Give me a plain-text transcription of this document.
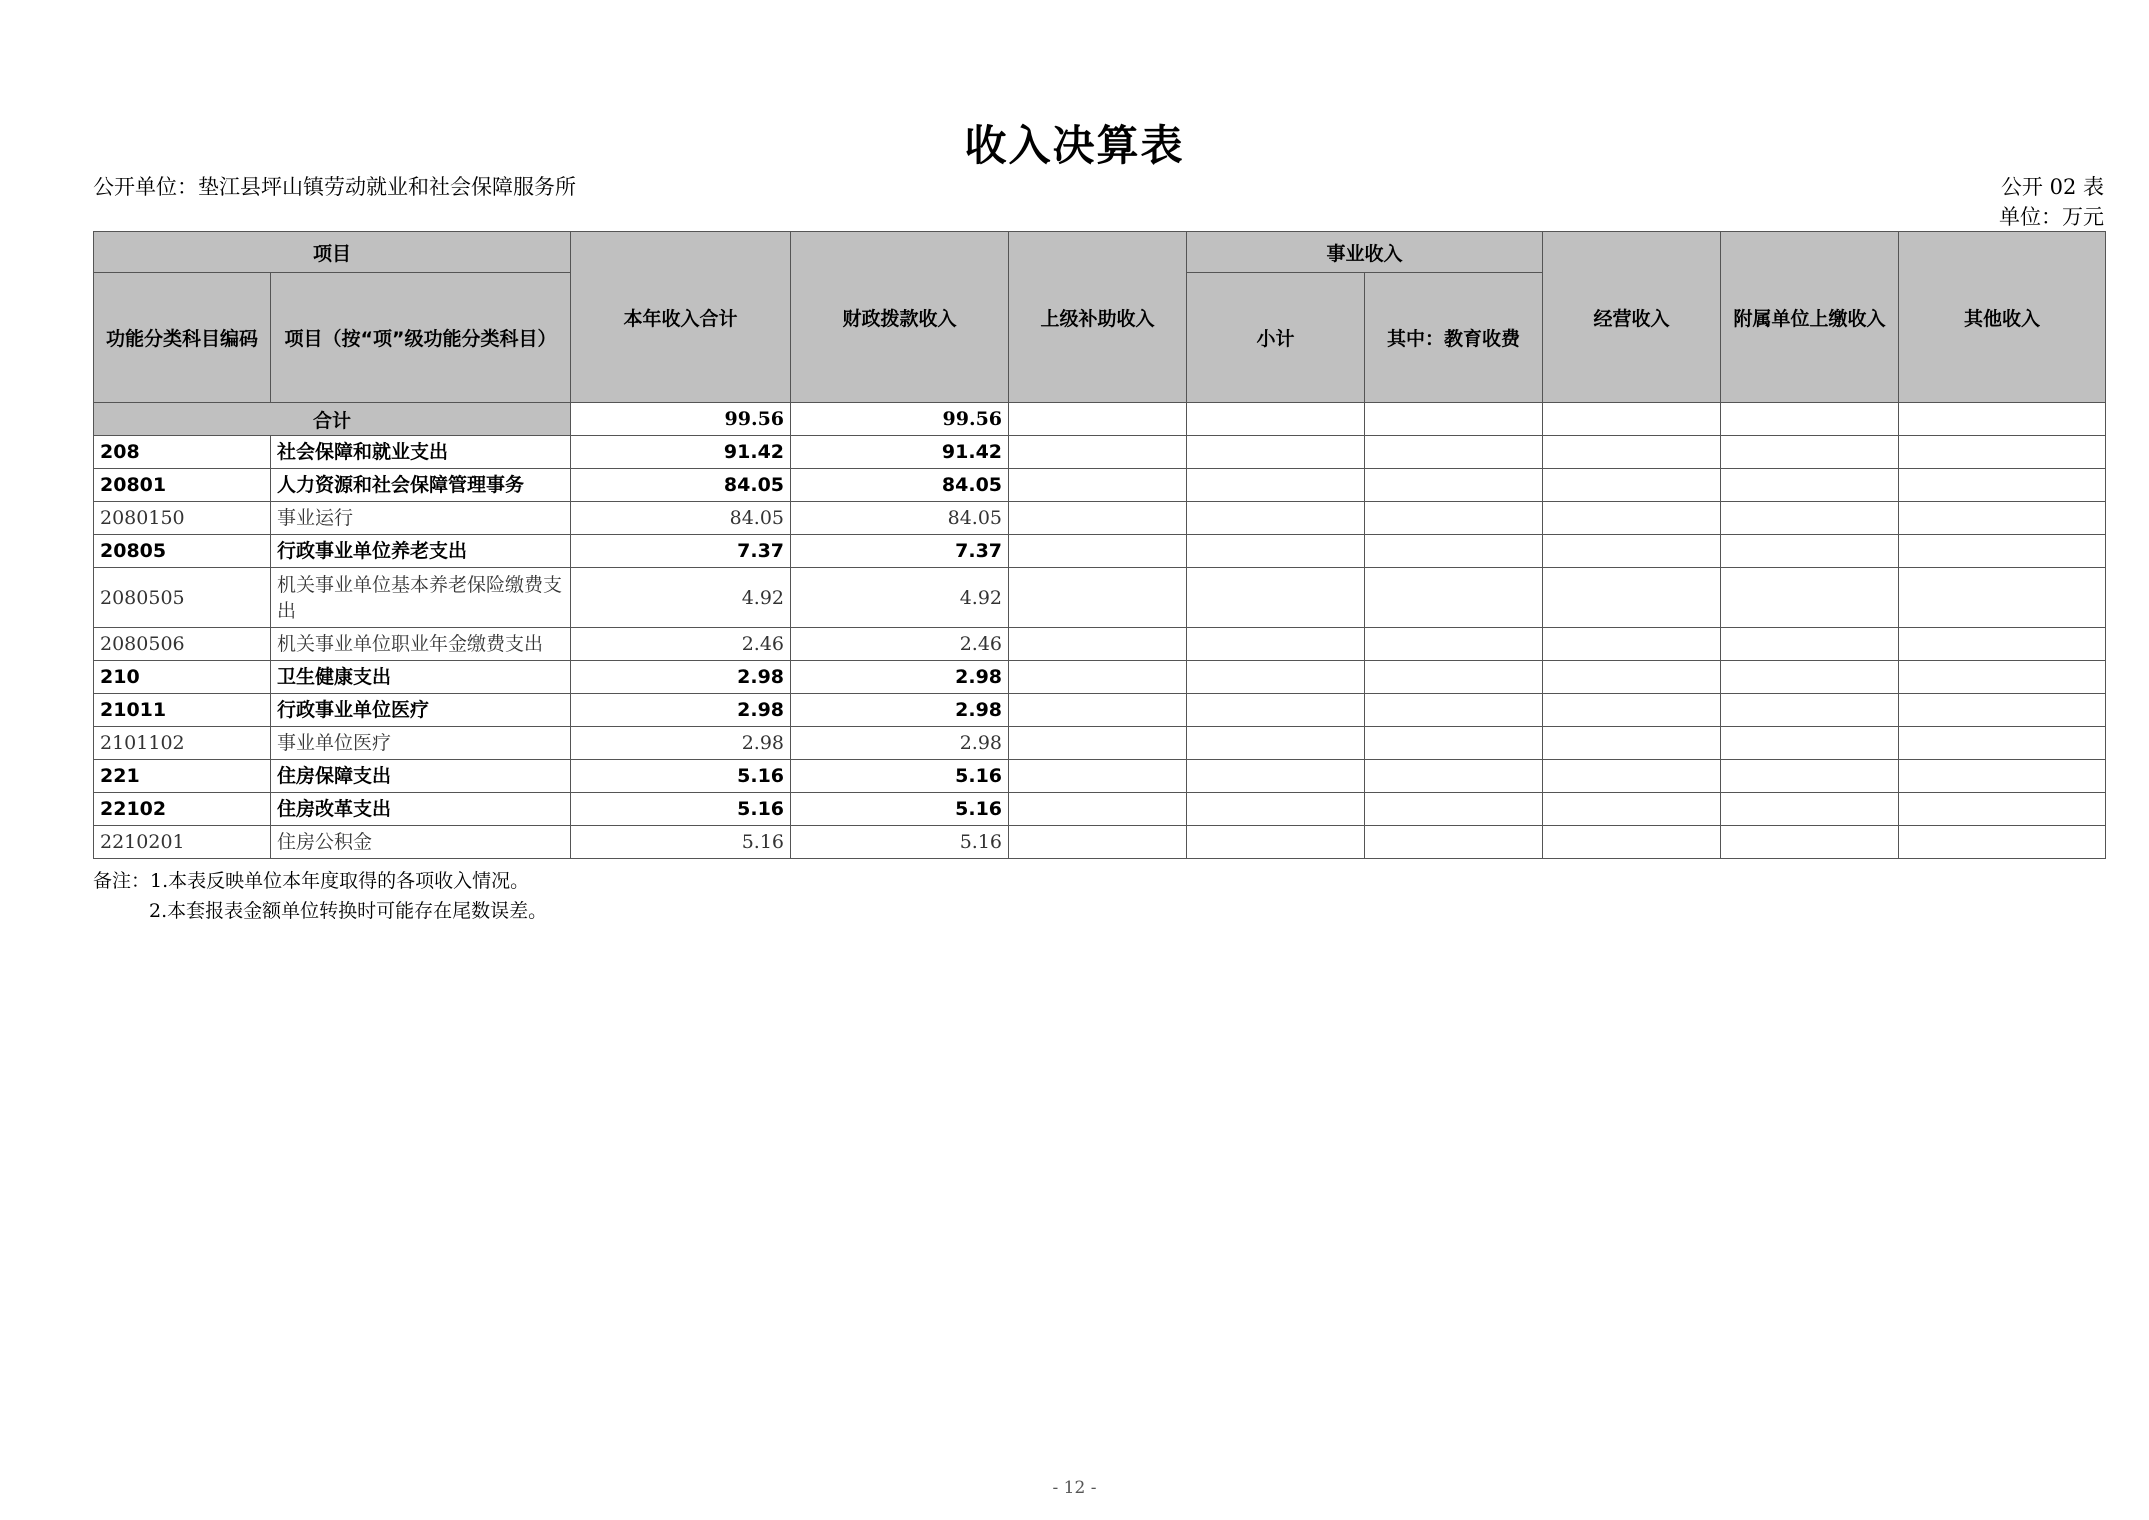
收入决算表
公开单位：垫江县坪山镇劳动就业和社会保障服务所	公开 02 表
单位：万元
项目		本年收入合计	财政拨款收入	上级补助收入	事业收入		经营收入	附属单位上缴收入	其他收入
功能分类科目编码	项目（按“项”级功能分类科目）				小计	其中：教育收费			
合计		99.56	99.56						
208	社会保障和就业支出	91.42	91.42						
20801	人力资源和社会保障管理事务	84.05	84.05						
2080150	事业运行	84.05	84.05						
20805	行政事业单位养老支出	7.37	7.37						
2080505	机关事业单位基本养老保险缴费支出	4.92	4.92						
2080506	机关事业单位职业年金缴费支出	2.46	2.46						
210	卫生健康支出	2.98	2.98						
21011	行政事业单位医疗	2.98	2.98						
2101102	事业单位医疗	2.98	2.98						
221	住房保障支出	5.16	5.16						
22102	住房改革支出	5.16	5.16						
2210201	住房公积金	5.16	5.16						
备注：1.本表反映单位本年度取得的各项收入情况。
2.本套报表金额单位转换时可能存在尾数误差。
- 12 -
